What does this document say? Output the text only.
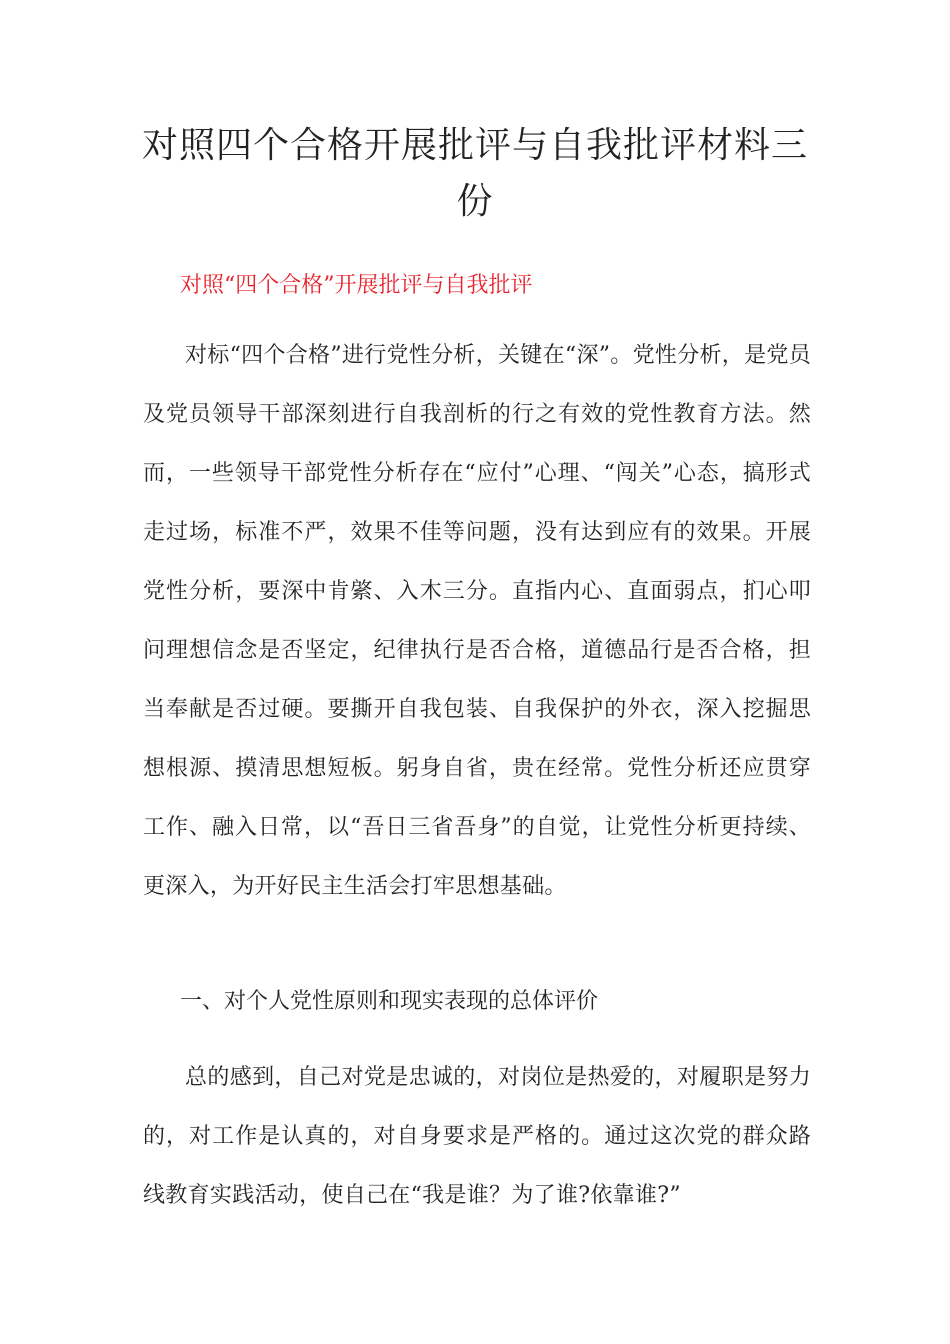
对照四个合格开展批评与自我批评材料三份
对照“四个合格”开展批评与自我批评

对标“四个合格”进行党性分析，关键在“深”。党性分析，是党员及党员领导干部深刻进行自我剖析的行之有效的党性教育方法。然而，一些领导干部党性分析存在“应付”心理、“闯关”心态，搞形式走过场，标准不严，效果不佳等问题，没有达到应有的效果。开展党性分析，要深中肯綮、入木三分。直指内心、直面弱点，扪心叩问理想信念是否坚定，纪律执行是否合格，道德品行是否合格，担当奉献是否过硬。要撕开自我包装、自我保护的外衣，深入挖掘思想根源、摸清思想短板。躬身自省，贵在经常。党性分析还应贯穿工作、融入日常，以“吾日三省吾身”的自觉，让党性分析更持续、更深入，为开好民主生活会打牢思想基础。

一、对个人党性原则和现实表现的总体评价

总的感到，自己对党是忠诚的，对岗位是热爱的，对履职是努力的，对工作是认真的，对自身要求是严格的。通过这次党的群众路线教育实践活动，使自己在“我是谁？为了谁?依靠谁?”
